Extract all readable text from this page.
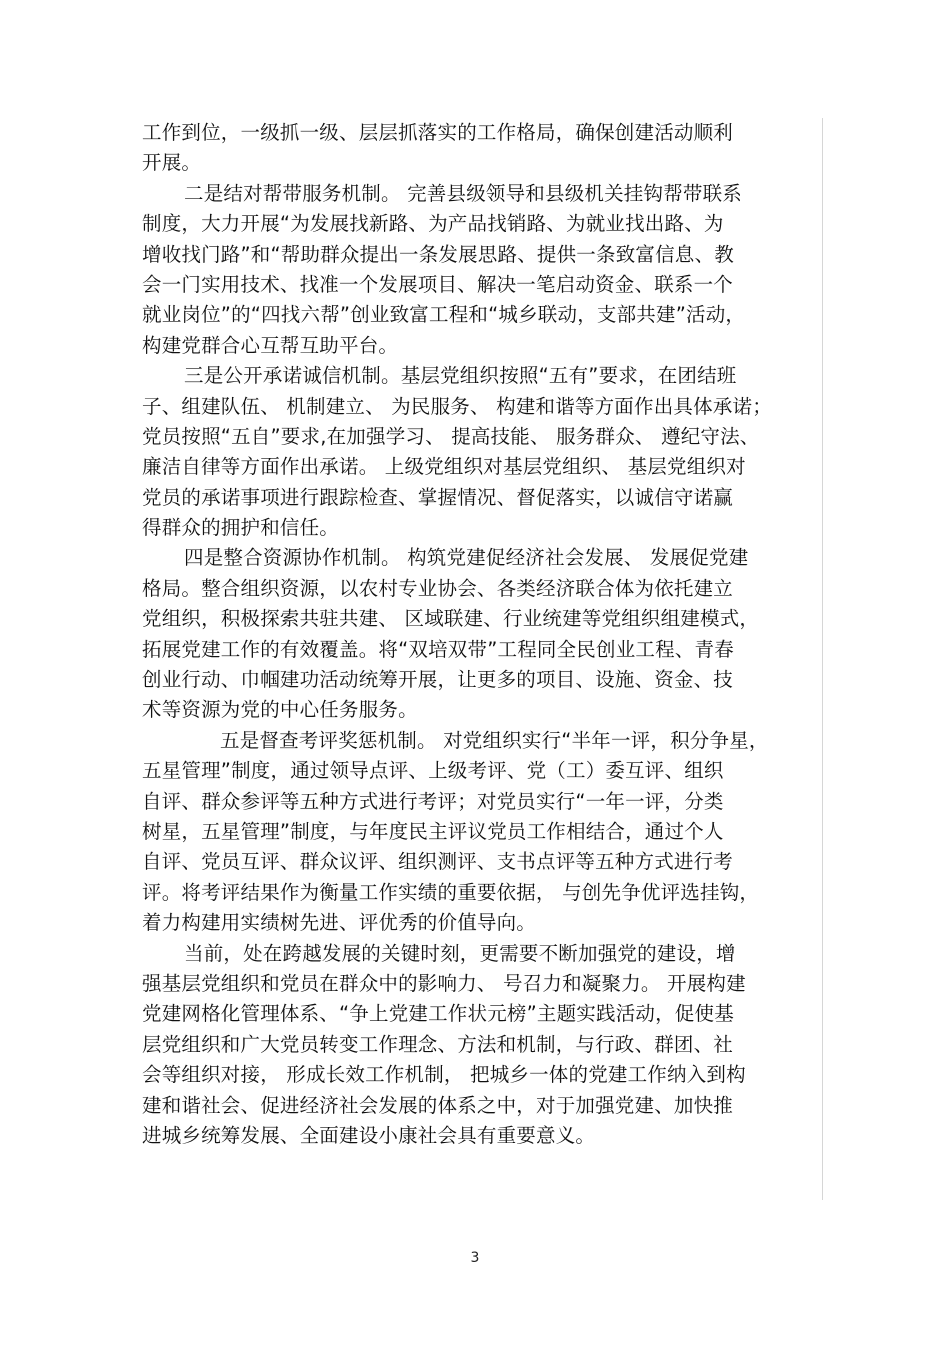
工作到位，一级抓一级、层层抓落实的工作格局，确保创建活动顺利
开展。
二是结对帮带服务机制。 完善县级领导和县级机关挂钩帮带联系
制度，大力开展“为发展找新路、为产品找销路、为就业找出路、为
增收找门路”和“帮助群众提出一条发展思路、提供一条致富信息、教
会一门实用技术、找准一个发展项目、解决一笔启动资金、联系一个
就业岗位”的“四找六帮”创业致富工程和“城乡联动，支部共建”活动，
构建党群合心互帮互助平台。
三是公开承诺诚信机制。基层党组织按照“五有”要求，在团结班
子、组建队伍、 机制建立、 为民服务、 构建和谐等方面作出具体承诺；
党员按照“五自”要求,在加强学习、 提高技能、 服务群众、 遵纪守法、
廉洁自律等方面作出承诺。 上级党组织对基层党组织、 基层党组织对
党员的承诺事项进行跟踪检查、掌握情况、督促落实，以诚信守诺赢
得群众的拥护和信任。
四是整合资源协作机制。 构筑党建促经济社会发展、 发展促党建
格局。整合组织资源，以农村专业协会、各类经济联合体为依托建立
党组织，积极探索共驻共建、 区域联建、行业统建等党组织组建模式，
拓展党建工作的有效覆盖。将“双培双带”工程同全民创业工程、青春
创业行动、巾帼建功活动统筹开展，让更多的项目、设施、资金、技
术等资源为党的中心任务服务。
五是督查考评奖惩机制。 对党组织实行“半年一评，积分争星，
五星管理”制度，通过领导点评、上级考评、党（工）委互评、组织
自评、群众参评等五种方式进行考评；对党员实行“一年一评，分类
树星，五星管理”制度，与年度民主评议党员工作相结合，通过个人
自评、党员互评、群众议评、组织测评、支书点评等五种方式进行考
评。将考评结果作为衡量工作实绩的重要依据， 与创先争优评选挂钩，
着力构建用实绩树先进、评优秀的价值导向。
当前，处在跨越发展的关键时刻，更需要不断加强党的建设，增
强基层党组织和党员在群众中的影响力、 号召力和凝聚力。 开展构建
党建网格化管理体系、“争上党建工作状元榜”主题实践活动，促使基
层党组织和广大党员转变工作理念、方法和机制，与行政、群团、社
会等组织对接， 形成长效工作机制， 把城乡一体的党建工作纳入到构
建和谐社会、促进经济社会发展的体系之中，对于加强党建、加快推
进城乡统筹发展、全面建设小康社会具有重要意义。
3
